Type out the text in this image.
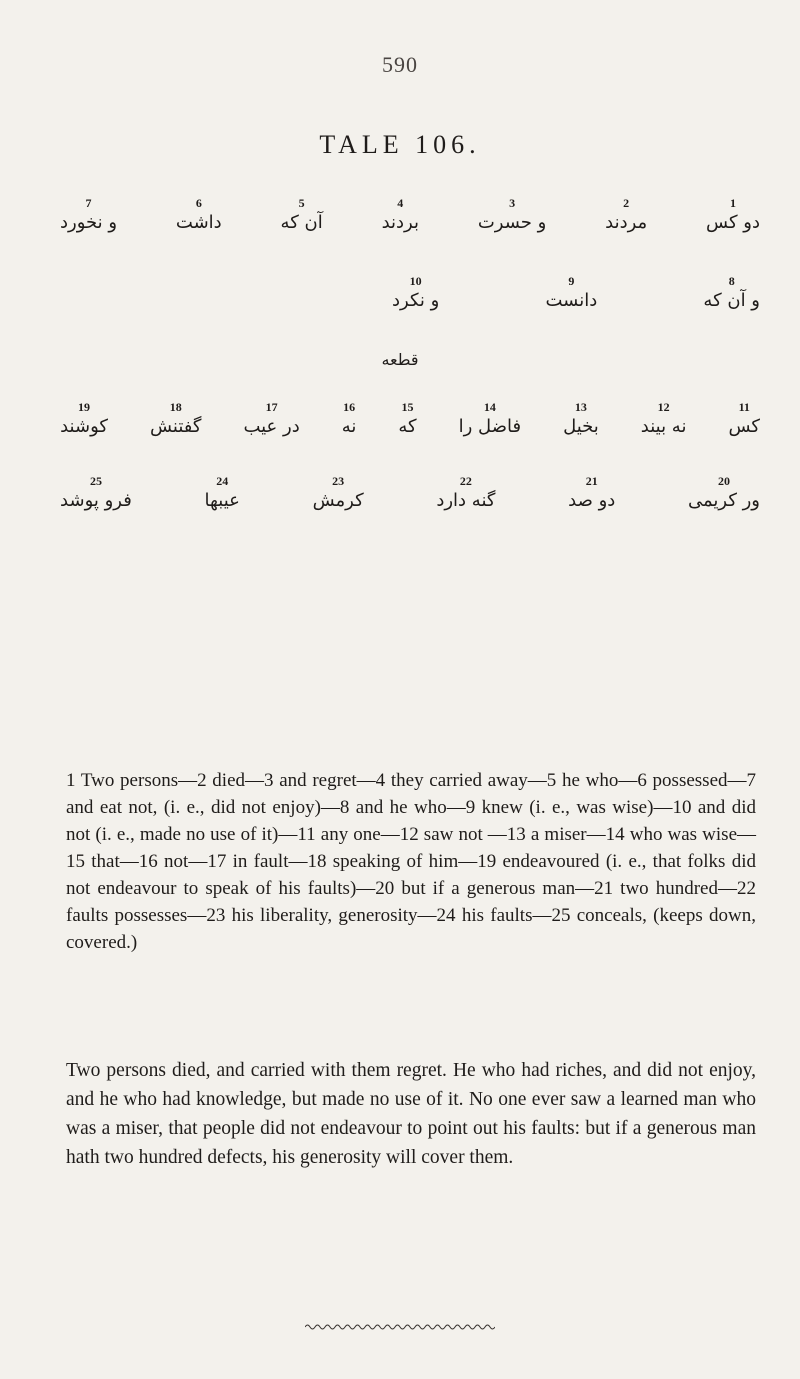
590
TALE 106.
1
دو کس
2
مردند
3
و حسرت
4
بردند
5
آن که
6
داشت
7
و نخورد
8
و آن که
9
دانست
10
و نکرد
قطعه
11
کس
12
نه بیند
13
بخیل
14
فاضل را
15
که
16
نه
17
در عیب
18
گفتنش
19
کوشند
20
ور کریمی
21
دو صد
22
گنه دارد
23
کرمش
24
عیبها
25
فرو پوشد

1 Two persons—2 died—3 and regret—4 they carried away—5 he who—6 possessed—7 and eat not, (i. e., did not enjoy)—8 and he who—9 knew (i. e., was wise)—10 and did not (i. e., made no use of it)—11 any one—12 saw not —13 a miser—14 who was wise—15 that—16 not—17 in fault—18 speaking of him—19 endeavoured (i. e., that folks did not endeavour to speak of his faults)—20 but if a generous man—21 two hundred—22 faults possesses—23 his liberality, generosity—24 his faults—25 conceals, (keeps down, covered.)

Two persons died, and carried with them regret. He who had riches, and did not enjoy, and he who had knowledge, but made no use of it. No one ever saw a learned man who was a miser, that people did not endeavour to point out his faults: but if a generous man hath two hundred defects, his generosity will cover them.
